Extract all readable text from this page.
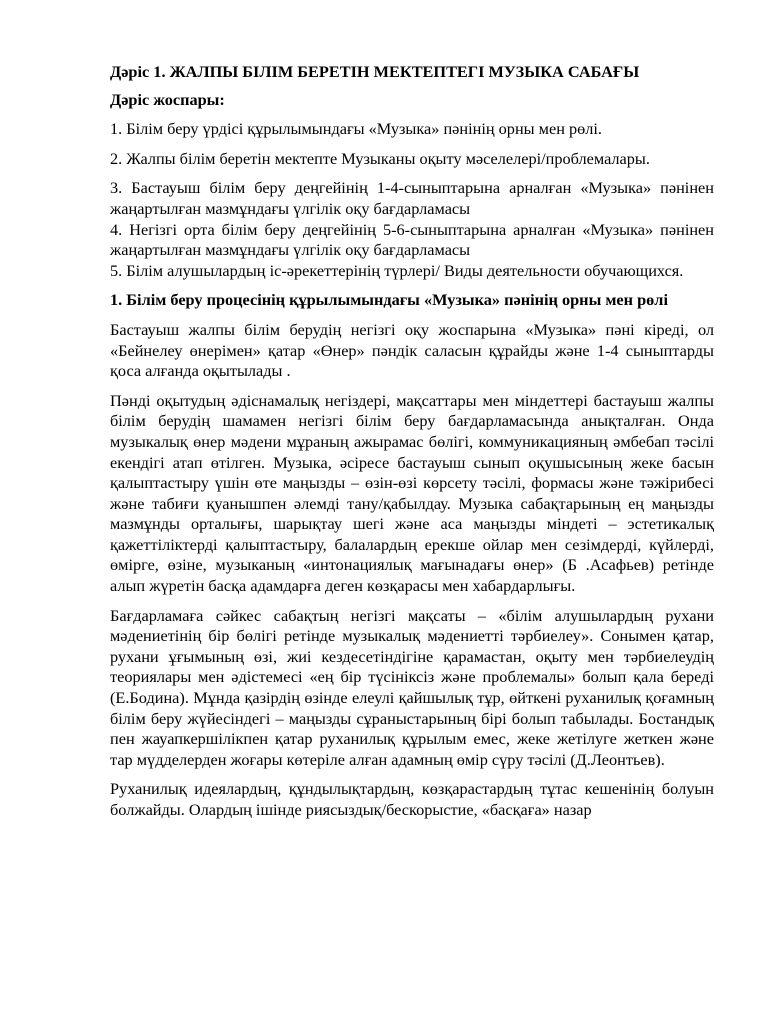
Дәріс 1. ЖАЛПЫ БІЛІМ БЕРЕТІН МЕКТЕПТЕГІ МУЗЫКА САБАҒЫ
Дәріс жоспары:
1. Білім беру үрдісі құрылымындағы «Музыка» пәнінің орны мен рөлі.
2. Жалпы білім беретін мектепте Музыканы оқыту мәселелері/проблемалары.
3. Бастауыш білім беру деңгейінің 1-4-сыныптарына арналған «Музыка» пәнінен жаңартылған мазмұндағы үлгілік оқу бағдарламасы
4. Негізгі орта білім беру деңгейінің 5-6-сыныптарына арналған «Музыка» пәнінен жаңартылған мазмұндағы үлгілік оқу бағдарламасы
5. Білім алушылардың іс-әрекеттерінің түрлері/ Виды деятельности обучающихся.
1. Білім беру процесінің құрылымындағы «Музыка» пәнінің орны мен рөлі
Бастауыш жалпы білім берудің негізгі оқу жоспарына «Музыка» пәні кіреді, ол «Бейнелеу өнерімен» қатар «Өнер» пәндік саласын құрайды және 1-4 сыныптарды қоса алғанда оқытылады .
Пәнді оқытудың әдіснамалық негіздері, мақсаттары мен міндеттері бастауыш жалпы білім берудің шамамен негізгі білім беру бағдарламасында анықталған. Онда музыкалық өнер мәдени мұраның ажырамас бөлігі, коммуникацияның әмбебап тәсілі екендігі атап өтілген. Музыка, әсіресе бастауыш сынып оқушысының жеке басын қалыптастыру үшін өте маңызды – өзін-өзі көрсету тәсілі, формасы және тәжірибесі және табиғи қуанышпен әлемді тану/қабылдау. Музыка сабақтарының ең маңызды мазмұнды орталығы, шарықтау шегі және аса маңызды міндеті – эстетикалық қажеттіліктерді қалыптастыру, балалардың ерекше ойлар мен сезімдерді, күйлерді, өмірге, өзіне, музыканың «интонациялық мағынадағы өнер» (Б .Асафьев) ретінде алып жүретін басқа адамдарға деген көзқарасы мен хабардарлығы.
Бағдарламаға сәйкес сабақтың негізгі мақсаты – «білім алушылардың рухани мәдениетінің бір бөлігі ретінде музыкалық мәдениетті тәрбиелеу». Сонымен қатар, рухани ұғымының өзі, жиі кездесетіндігіне қарамастан, оқыту мен тәрбиелеудің теориялары мен әдістемесі «ең бір түсініксіз және проблемалы» болып қала береді (Е.Бодина). Мұнда қазірдің өзінде елеулі қайшылық тұр, өйткені руханилық қоғамның білім беру жүйесіндегі – маңызды сұраныстарының бірі болып табылады. Бостандық пен жауапкершілікпен қатар руханилық құрылым емес, жеке жетілуге жеткен және тар мүдделерден жоғары көтеріле алған адамның өмір сүру тәсілі (Д.Леонтьев).
Руханилық идеялардың, құндылықтардың, көзқарастардың тұтас кешенінің болуын болжайды. Олардың ішінде риясыздық/бескорыстие, «басқаға» назар
